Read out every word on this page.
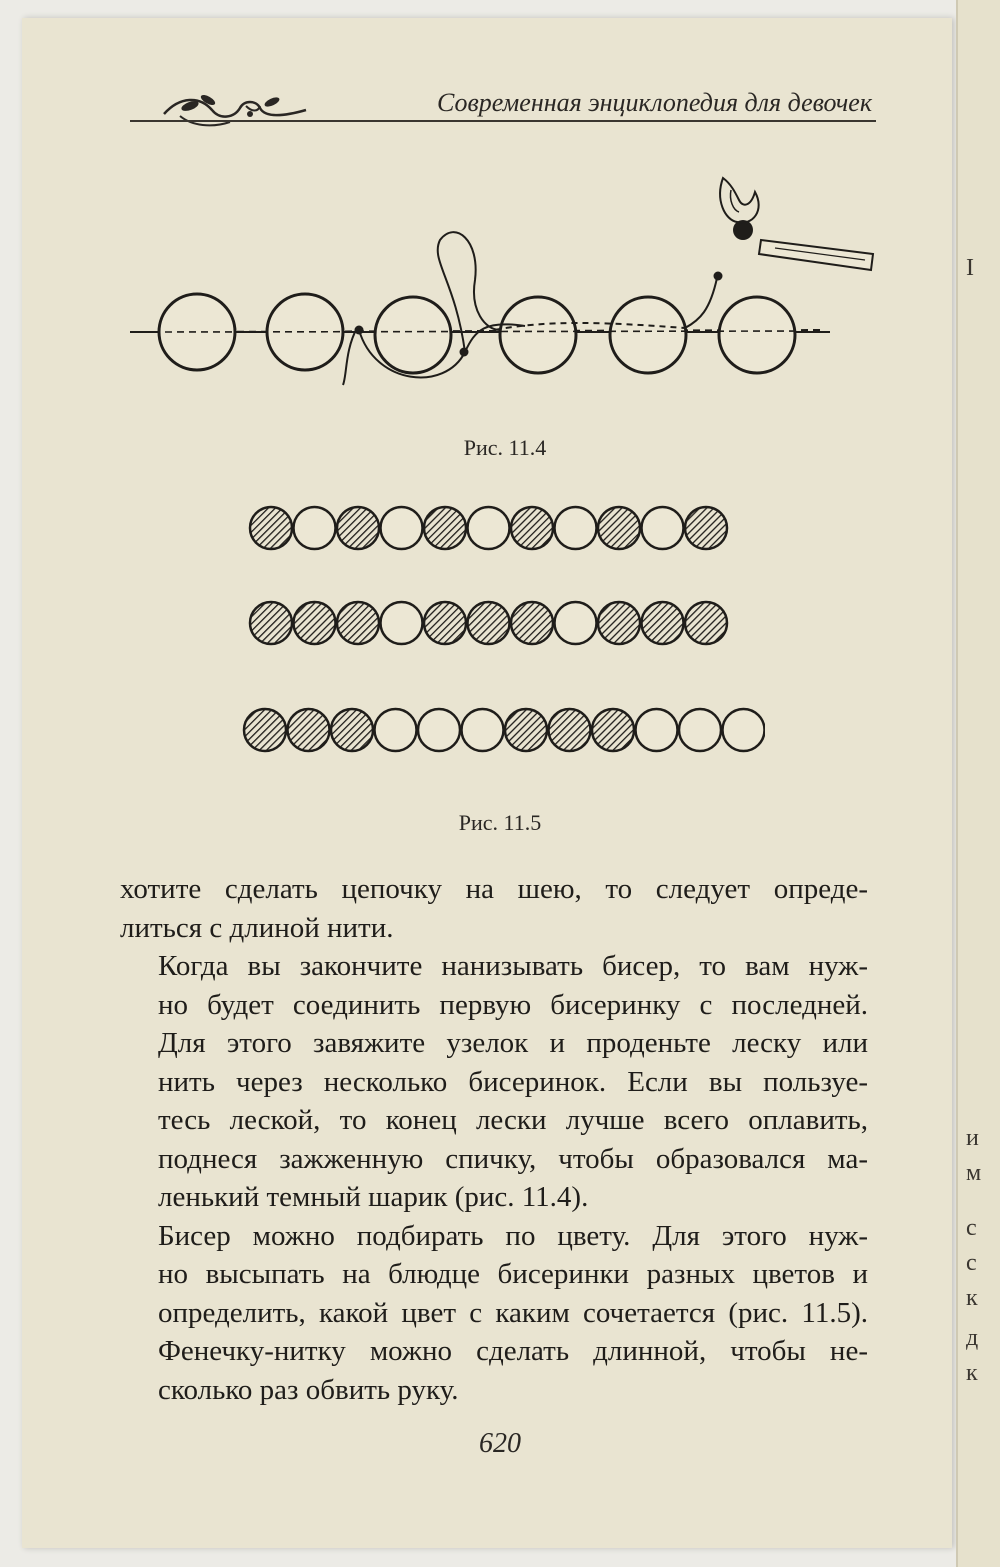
I
и
м
с
с
к
д
к
Современная энциклопедия для девочек
Рис. 11.4
Рис. 11.5

хотите сделать цепочку на шею, то следует опреде-
литься с длиной нити.

Когда вы закончите нанизывать бисер, то вам нуж-
но будет соединить первую бисеринку с последней.
Для этого завяжите узелок и проденьте леску или
нить через несколько бисеринок. Если вы пользуе-
тесь леской, то конец лески лучше всего оплавить,
поднеся зажженную спичку, чтобы образовался ма-
ленький темный шарик (рис. 11.4).

Бисер можно подбирать по цвету. Для этого нуж-
но высыпать на блюдце бисеринки разных цветов и
определить, какой цвет с каким сочетается (рис. 11.5).
Фенечку-нитку можно сделать длинной, чтобы не-
сколько раз обвить руку.

620
